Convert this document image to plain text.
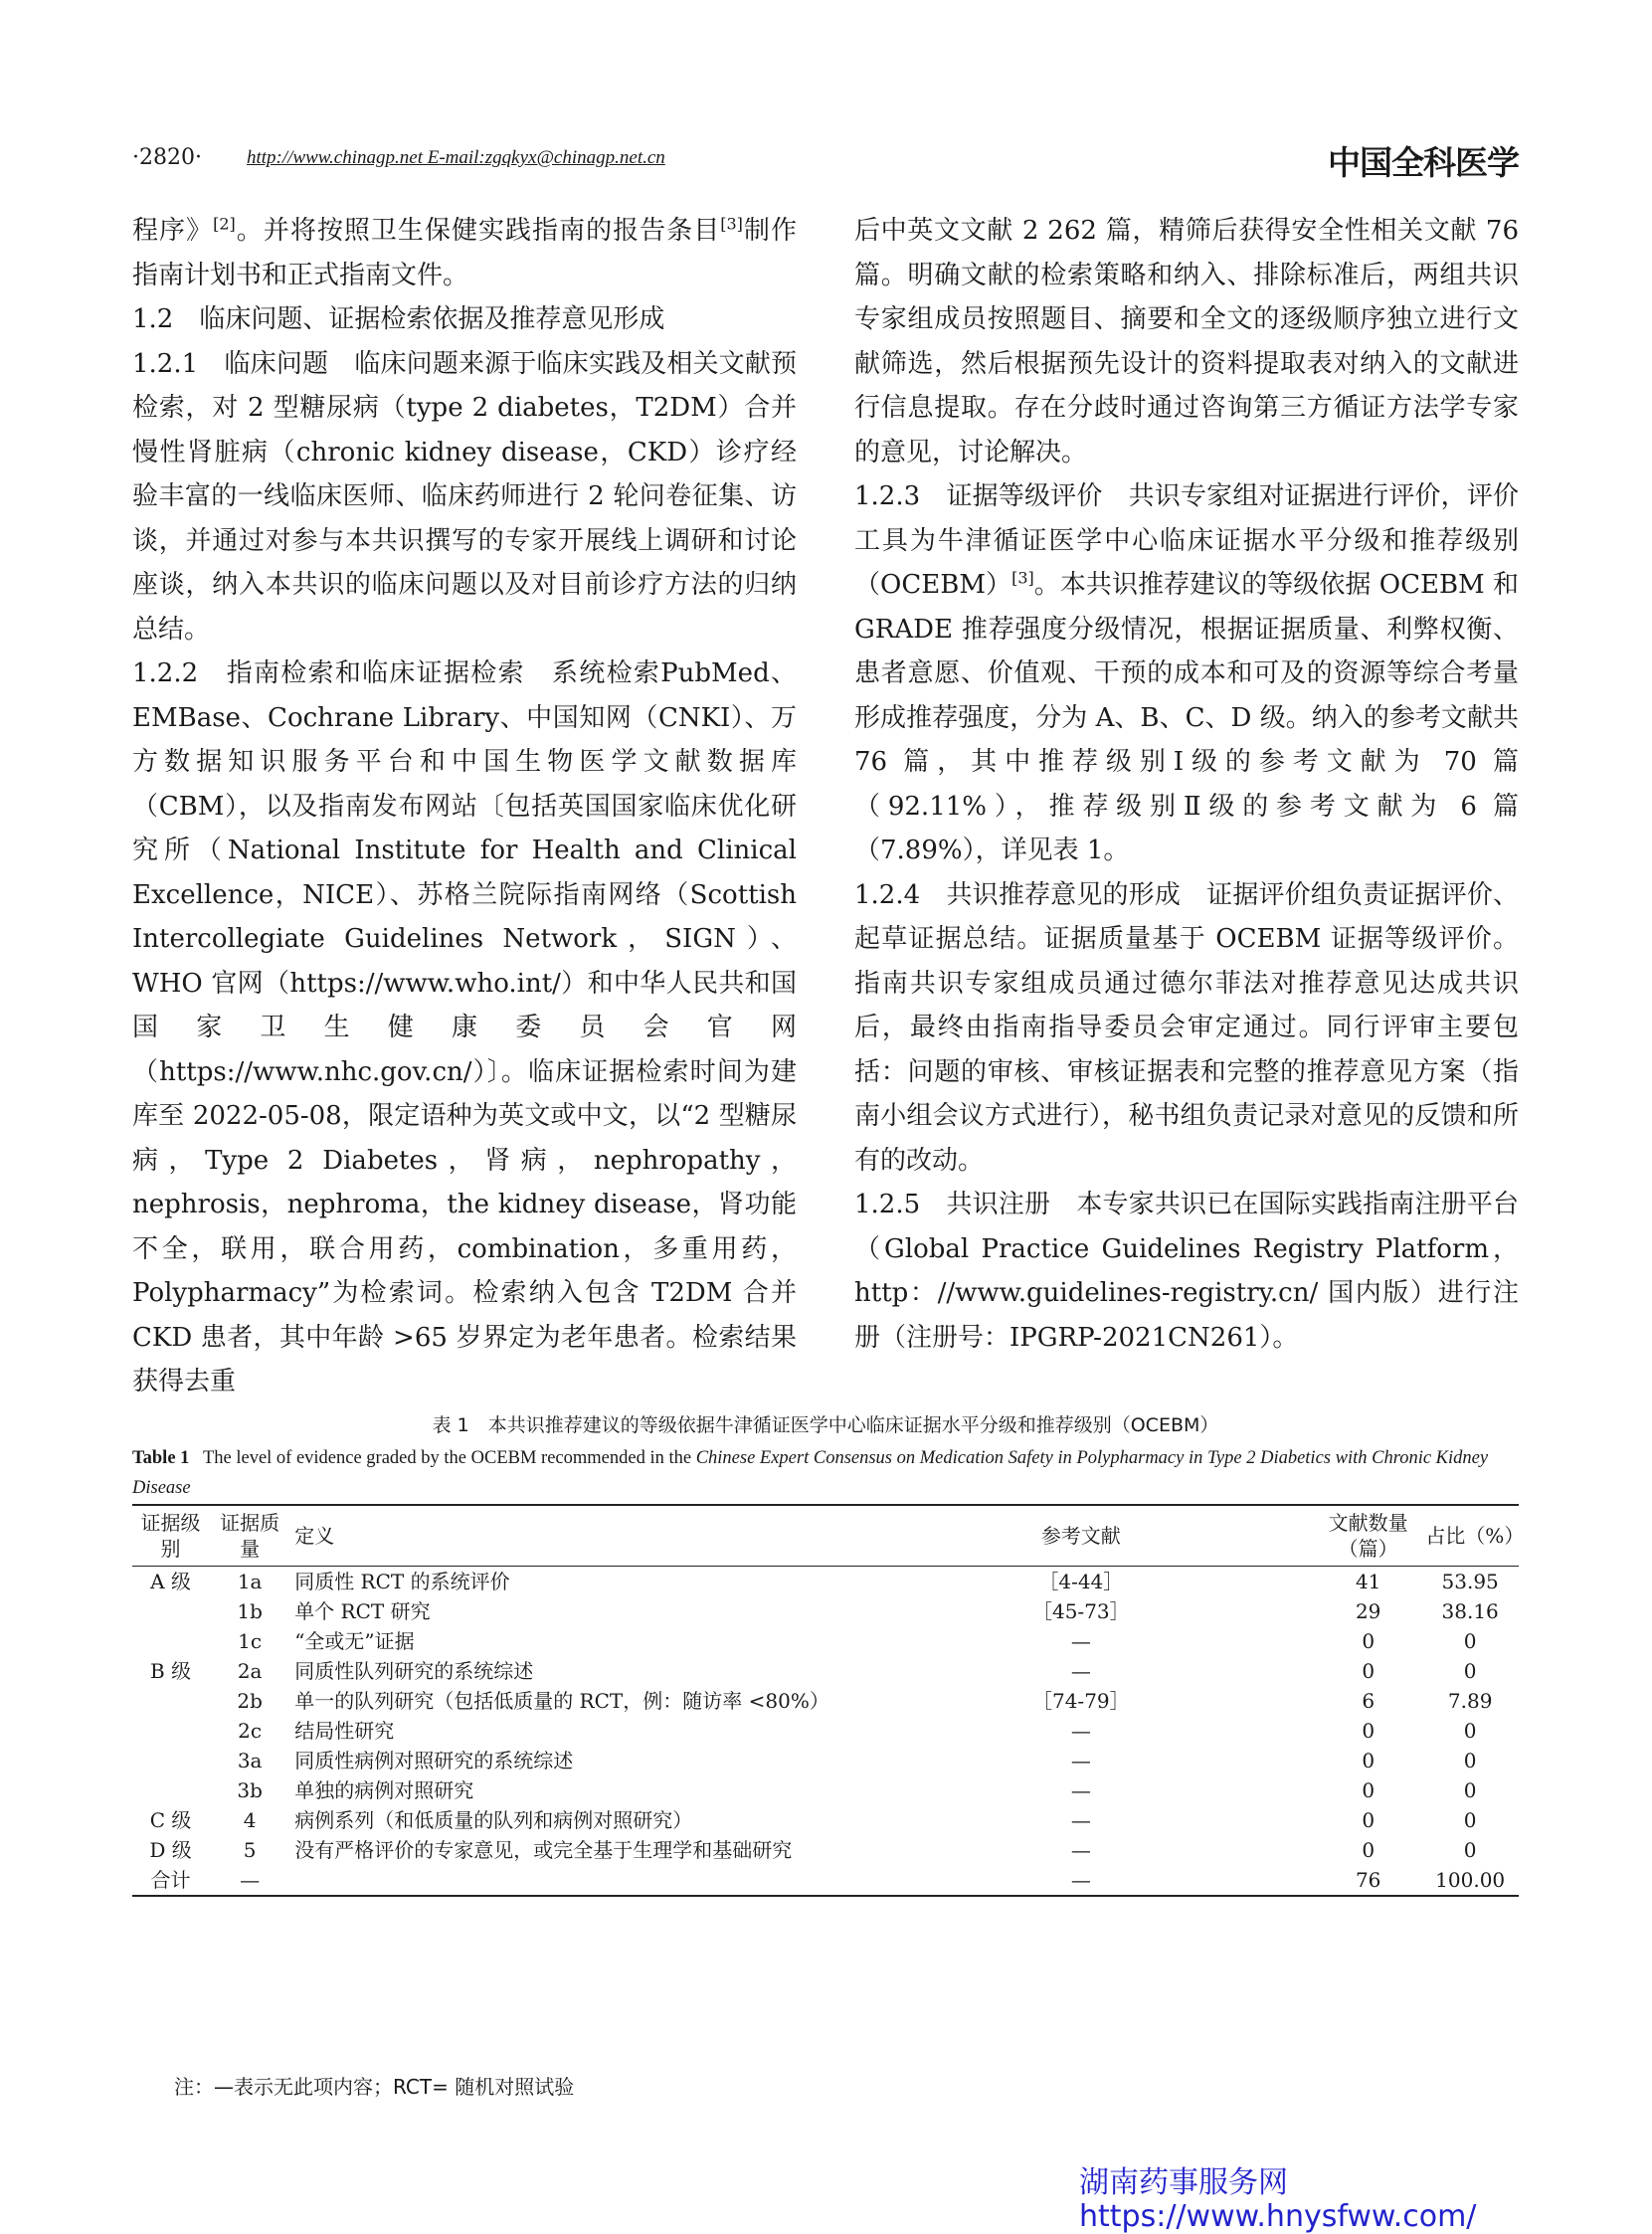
·2820· http://www.chinagp.net E-mail:zgqkyx@chinagp.net.cn	中国全科医学

程序》[2]。并将按照卫生保健实践指南的报告条目[3]制作指南计划书和正式指南文件。

1.2　临床问题、证据检索依据及推荐意见形成

1.2.1　临床问题　临床问题来源于临床实践及相关文献预检索，对 2 型糖尿病（type 2 diabetes，T2DM）合并慢性肾脏病（chronic kidney disease，CKD）诊疗经验丰富的一线临床医师、临床药师进行 2 轮问卷征集、访谈，并通过对参与本共识撰写的专家开展线上调研和讨论座谈，纳入本共识的临床问题以及对目前诊疗方法的归纳总结。

1.2.2　指南检索和临床证据检索　系统检索PubMed、EMBase、Cochrane Library、中国知网（CNKI）、万方数据知识服务平台和中国生物医学文献数据库（CBM），以及指南发布网站〔包括英国国家临床优化研究所（National Institute for Health and Clinical Excellence，NICE）、苏格兰院际指南网络（Scottish Intercollegiate Guidelines Network，SIGN）、WHO 官网（https://www.who.int/）和中华人民共和国国家卫生健康委员会官网（https://www.nhc.gov.cn/）〕。临床证据检索时间为建库至 2022-05-08，限定语种为英文或中文，以“2 型糖尿病，Type 2 Diabetes，肾病，nephropathy，nephrosis，nephroma，the kidney disease，肾功能不全，联用，联合用药，combination，多重用药，Polypharmacy”为检索词。检索纳入包含 T2DM 合并 CKD 患者，其中年龄 >65 岁界定为老年患者。检索结果获得去重

后中英文文献 2 262 篇，精筛后获得安全性相关文献 76 篇。明确文献的检索策略和纳入、排除标准后，两组共识专家组成员按照题目、摘要和全文的逐级顺序独立进行文献筛选，然后根据预先设计的资料提取表对纳入的文献进行信息提取。存在分歧时通过咨询第三方循证方法学专家的意见，讨论解决。

1.2.3　证据等级评价　共识专家组对证据进行评价，评价工具为牛津循证医学中心临床证据水平分级和推荐级别（OCEBM）[3]。本共识推荐建议的等级依据 OCEBM 和 GRADE 推荐强度分级情况，根据证据质量、利弊权衡、患者意愿、价值观、干预的成本和可及的资源等综合考量形成推荐强度，分为 A、B、C、D 级。纳入的参考文献共 76 篇，其中推荐级别Ⅰ级的参考文献为 70 篇（92.11%），推荐级别Ⅱ级的参考文献为 6 篇（7.89%），详见表 1。

1.2.4　共识推荐意见的形成　证据评价组负责证据评价、起草证据总结。证据质量基于 OCEBM 证据等级评价。指南共识专家组成员通过德尔菲法对推荐意见达成共识后，最终由指南指导委员会审定通过。同行评审主要包括：问题的审核、审核证据表和完整的推荐意见方案（指南小组会议方式进行），秘书组负责记录对意见的反馈和所有的改动。

1.2.5　共识注册　本专家共识已在国际实践指南注册平台（Global Practice Guidelines Registry Platform，http：//www.guidelines-registry.cn/ 国内版）进行注册（注册号：IPGRP-2021CN261）。

表 1　本共识推荐建议的等级依据牛津循证医学中心临床证据水平分级和推荐级别（OCEBM）
Table 1 The level of evidence graded by the OCEBM recommended in the Chinese Expert Consensus on Medication Safety in Polypharmacy in Type 2 Diabetics with Chronic Kidney Disease
证据级别	证据质量	定义	参考文献	文献数量（篇）	占比（%）
A 级	1a	同质性 RCT 的系统评价	［4-44］	41	53.95
	1b	单个 RCT 研究	［45-73］	29	38.16
	1c	“全或无”证据	—	0	0
B 级	2a	同质性队列研究的系统综述	—	0	0
	2b	单一的队列研究（包括低质量的 RCT，例：随访率 <80%）	［74-79］	6	7.89
	2c	结局性研究	—	0	0
	3a	同质性病例对照研究的系统综述	—	0	0
	3b	单独的病例对照研究	—	0	0
C 级	4	病例系列（和低质量的队列和病例对照研究）	—	0	0
D 级	5	没有严格评价的专家意见，或完全基于生理学和基础研究	—	0	0
合计	—		—	76	100.00
注：—表示无此项内容；RCT= 随机对照试验
湖南药事服务网
https://www.hnysfww.com/
